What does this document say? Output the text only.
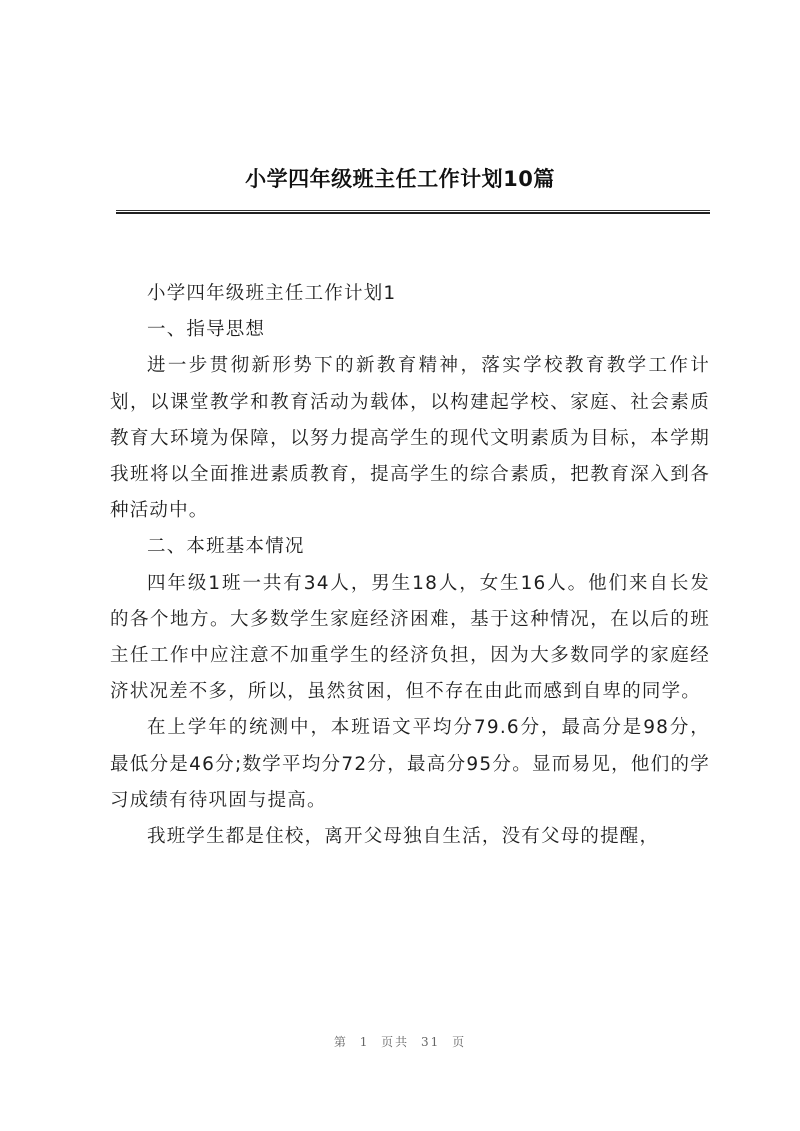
小学四年级班主任工作计划10篇

小学四年级班主任工作计划1

一、指导思想

进一步贯彻新形势下的新教育精神，落实学校教育教学工作计划，以课堂教学和教育活动为载体，以构建起学校、家庭、社会素质教育大环境为保障，以努力提高学生的现代文明素质为目标，本学期我班将以全面推进素质教育，提高学生的综合素质，把教育深入到各种活动中。

二、本班基本情况

四年级1班一共有34人，男生18人，女生16人。他们来自长发的各个地方。大多数学生家庭经济困难，基于这种情况，在以后的班主任工作中应注意不加重学生的经济负担，因为大多数同学的家庭经济状况差不多，所以，虽然贫困，但不存在由此而感到自卑的同学。

在上学年的统测中，本班语文平均分79.6分，最高分是98分，最低分是46分;数学平均分72分，最高分95分。显而易见，他们的学习成绩有待巩固与提高。

我班学生都是住校，离开父母独自生活，没有父母的提醒，

第 1 页共 31 页
